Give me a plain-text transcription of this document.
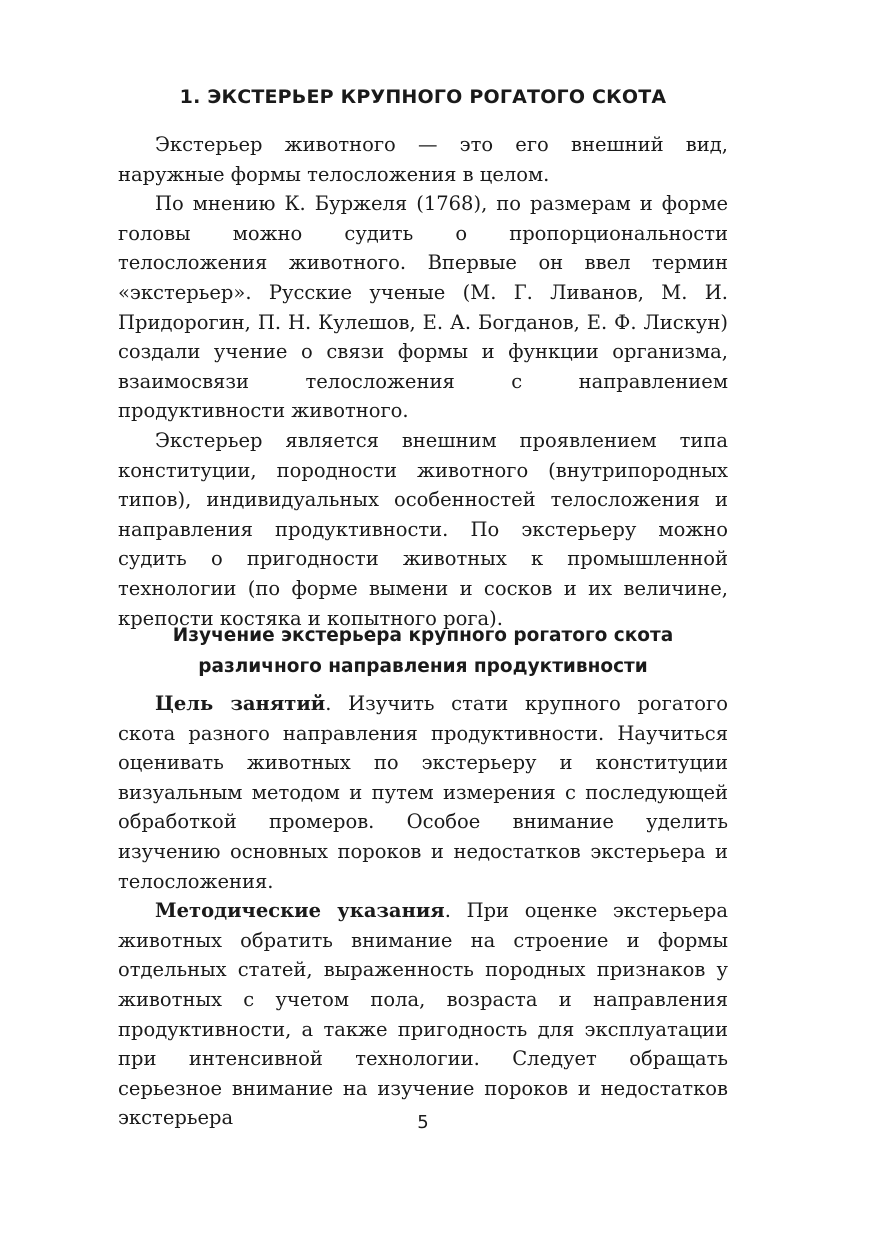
1. ЭКСТЕРЬЕР КРУПНОГО РОГАТОГО СКОТА

Экстерьер животного — это его внешний вид, наружные формы телосложения в целом.

По мнению К. Буржеля (1768), по размерам и форме головы можно судить о пропорциональности телосложения животного. Впервые он ввел термин «экстерьер». Русские ученые (М. Г. Ливанов, М. И. Придорогин, П. Н. Кулешов, Е. А. Богданов, Е. Ф. Лискун) создали учение о связи формы и функции организма, взаимосвязи телосложения с направлением продуктивности животного.

Экстерьер является внешним проявлением типа конституции, породности животного (внутрипородных типов), индивидуальных особенностей телосложения и направления продуктивности. По экстерьеру можно судить о пригодности животных к промышленной технологии (по форме вымени и сосков и их величине, крепости костяка и копытного рога).

Изучение экстерьера крупного рогатого скота
различного направления продуктивности

Цель занятий. Изучить стати крупного рогатого скота разного направления продуктивности. Научиться оценивать животных по экстерьеру и конституции визуальным методом и путем измерения с последующей обработкой промеров. Особое внимание уделить изучению основных пороков и недостатков экстерьера и телосложения.

Методические указания. При оценке экстерьера животных обратить внимание на строение и формы отдельных статей, выраженность породных признаков у животных с учетом пола, возраста и направления продуктивности, а также пригодность для эксплуатации при интенсивной технологии. Следует обращать серьезное внимание на изучение пороков и недостатков экстерьера	5
